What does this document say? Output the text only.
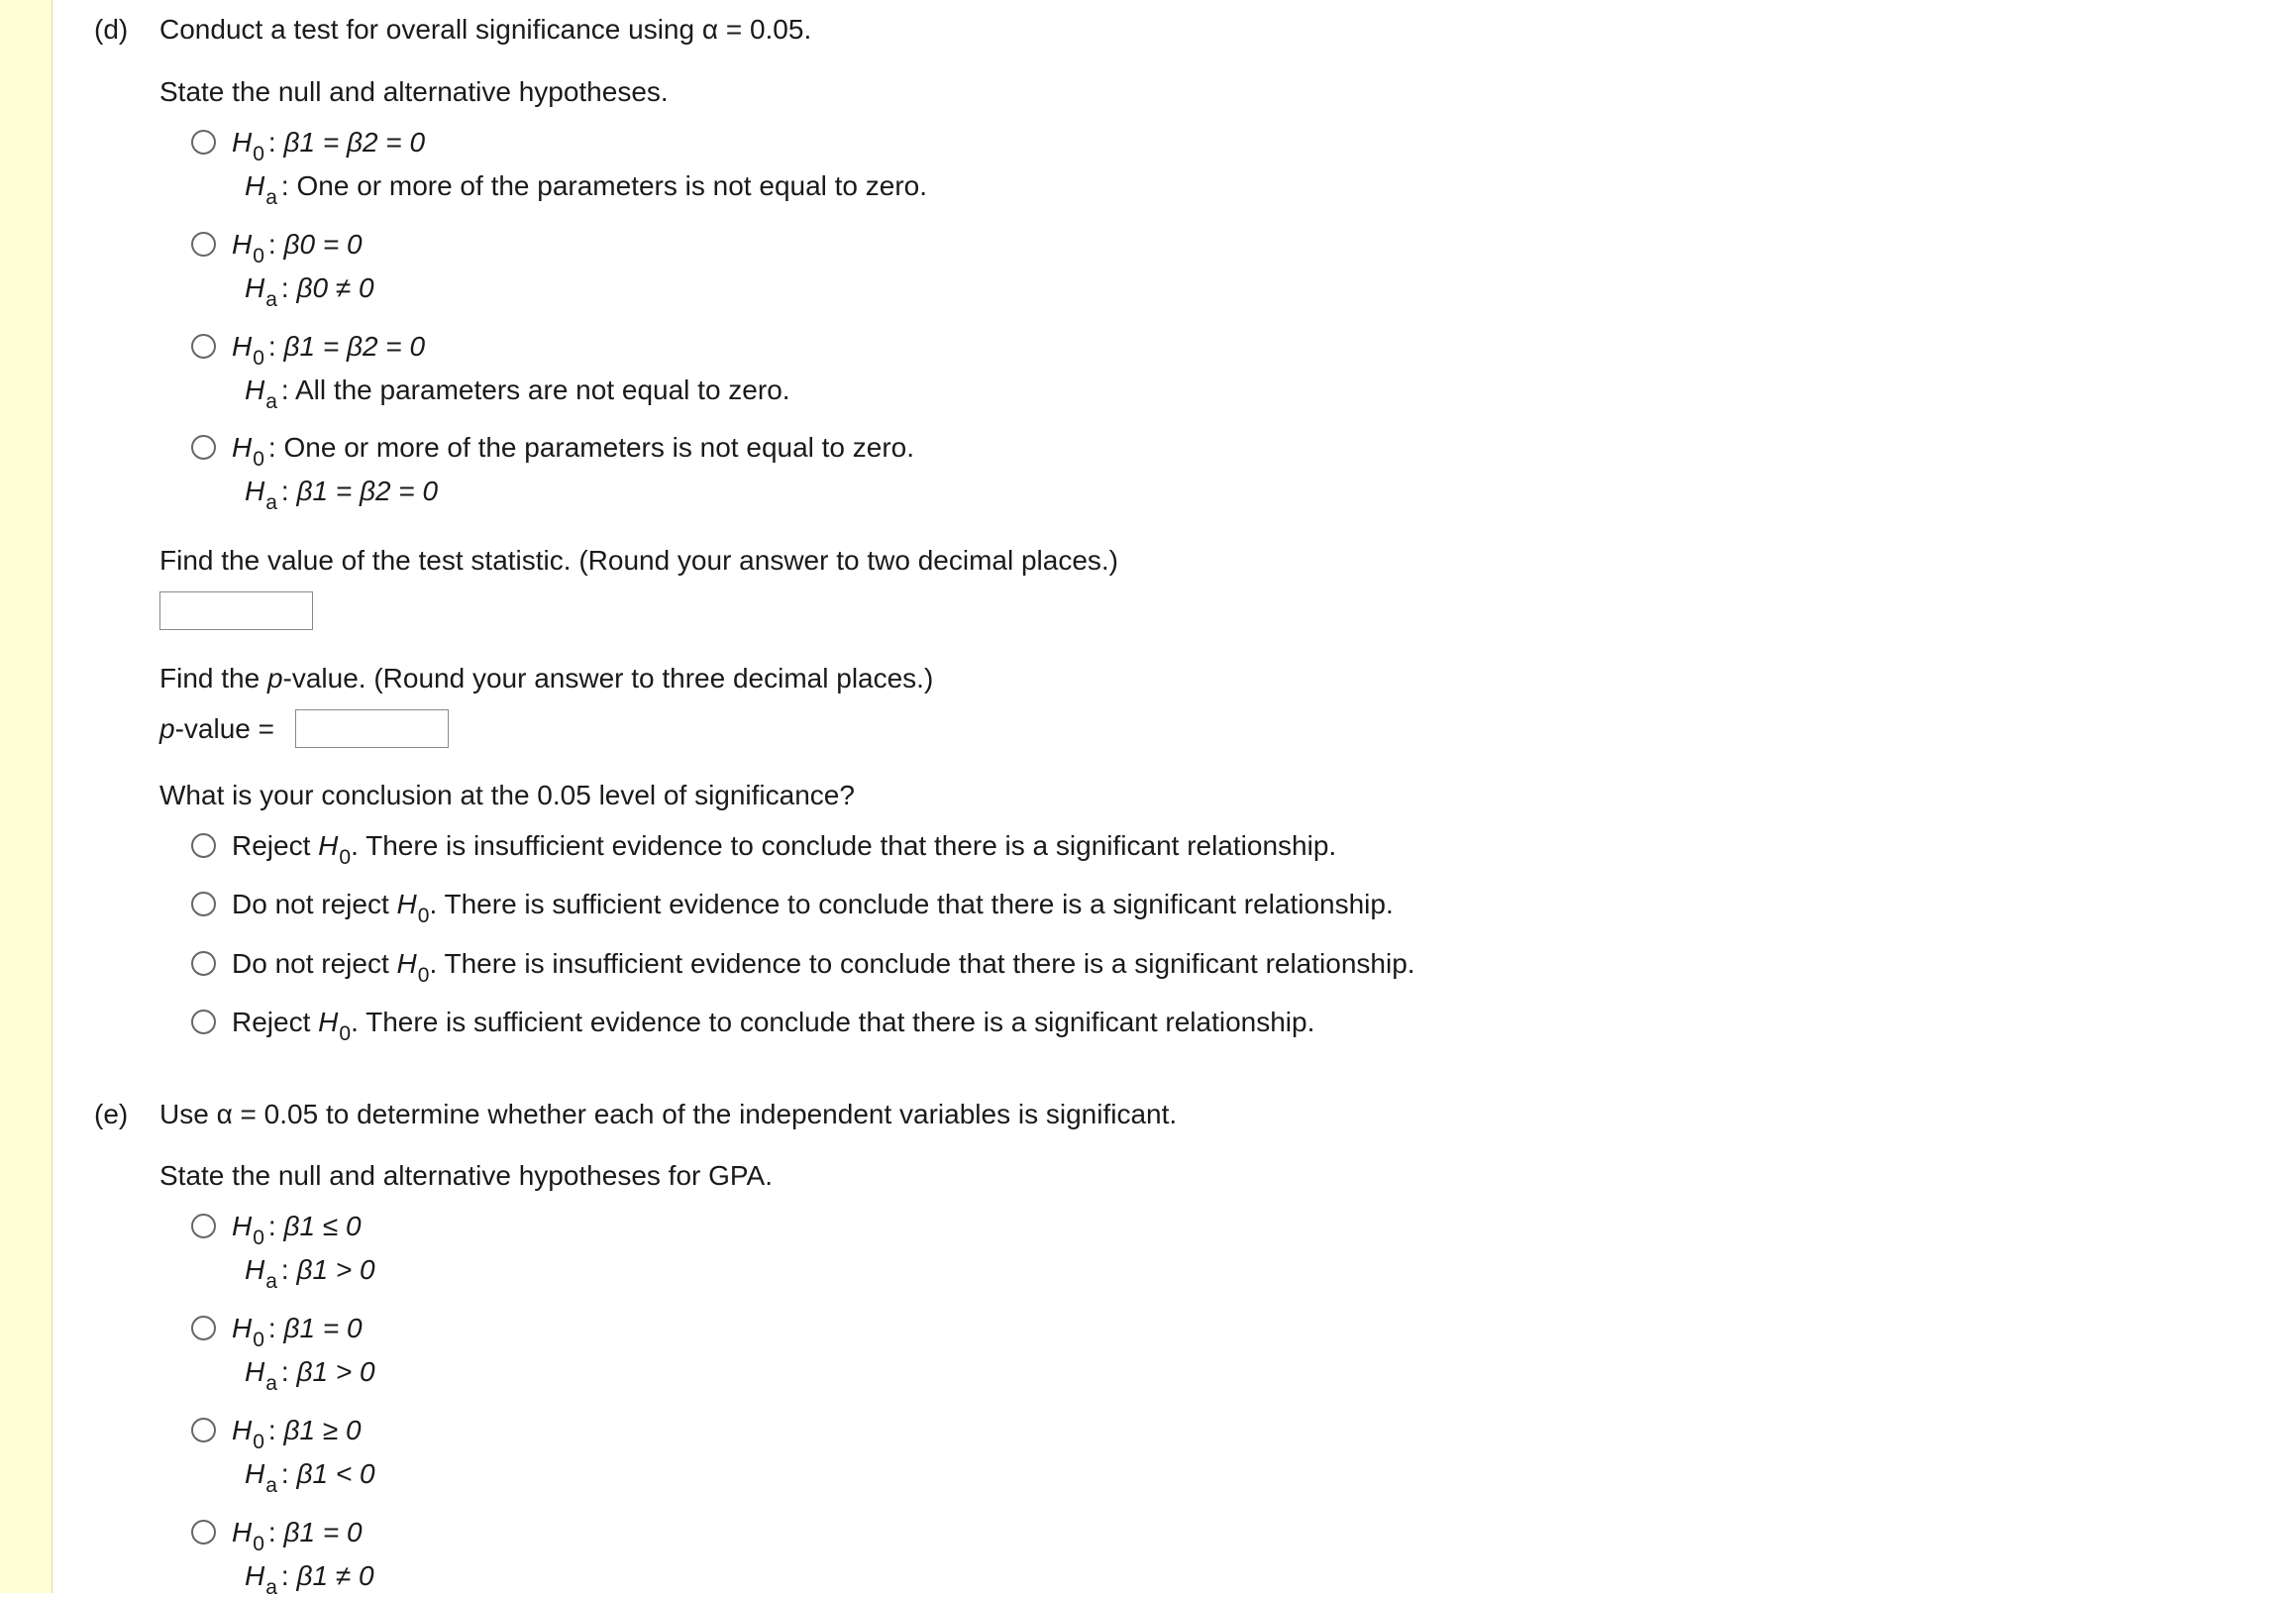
(d) Conduct a test for overall significance using α = 0.05.
State the null and alternative hypotheses.
$H_0$ : β1 = β2 = 0
$H_a$ : One or more of the parameters is not equal to zero.
$H_0$ : β0 = 0
$H_a$ : β0 ≠ 0
$H_0$ : β1 = β2 = 0
$H_a$ : All the parameters are not equal to zero.
$H_0$ : One or more of the parameters is not equal to zero.
$H_a$ : β1 = β2 = 0
Find the value of the test statistic. (Round your answer to two decimal places.)
Find the p-value. (Round your answer to three decimal places.)
p-value =
What is your conclusion at the 0.05 level of significance?
Reject $H_0$. There is insufficient evidence to conclude that there is a significant relationship.
Do not reject $H_0$. There is sufficient evidence to conclude that there is a significant relationship.
Do not reject $H_0$. There is insufficient evidence to conclude that there is a significant relationship.
Reject $H_0$. There is sufficient evidence to conclude that there is a significant relationship.
(e) Use α = 0.05 to determine whether each of the independent variables is significant.
State the null and alternative hypotheses for GPA.
$H_0$ : β1 ≤ 0
$H_a$ : β1 > 0
$H_0$ : β1 = 0
$H_a$ : β1 > 0
$H_0$ : β1 ≥ 0
$H_a$ : β1 < 0
$H_0$ : β1 = 0
$H_a$ : β1 ≠ 0
